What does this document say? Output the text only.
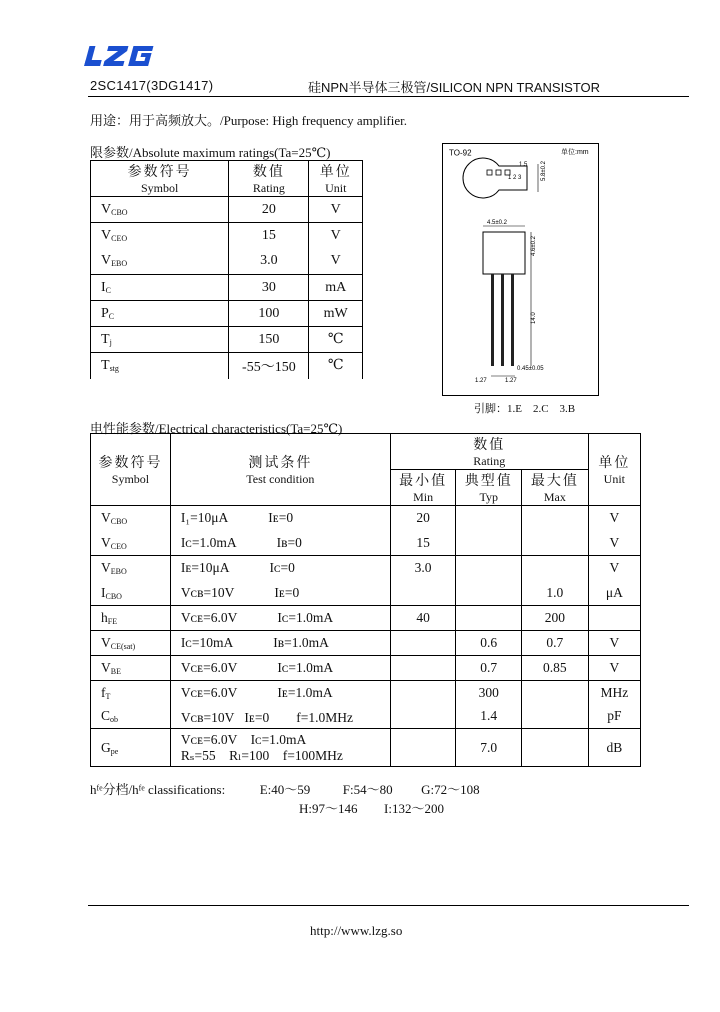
2SC1417(3DG1417)	硅NPN半导体三极管/SILICON NPN TRANSISTOR
用途：用于高频放大。/Purpose: High frequency amplifier.
限参数/Absolute maximum ratings(Ta=25℃)
参数符号
Symbol	数值
Rating	单位
Unit

$V_{CBO}$	20	V
$V_{CEO}$	15	V
$V_{EBO}$	3.0	V
$I_C$	30	mA
$P_C$	100	mW
$T_j$	150	℃
$T_{stg}$	-55～150	℃
TO-92	单位:mm
1 2 3	5.8±0.2
1.5
4.5±0.2
4.6±0.2
14.0
0.45±0.05
1.27	1.27
引脚：1.E　2.C　3.B
电性能参数/Electrical characteristics(Ta=25℃)
参数符号
Symbol	测试条件
Test condition	数值
Rating			单位
Unit

		最小值
Min	典型值
Typ	最大值
Max	

$V_{CBO}$	I₁=10μA Iᴇ=0	20			V
$V_{CEO}$	Iᴄ=1.0mA Iʙ=0	15			V
$V_{EBO}$	Iᴇ=10μA Iᴄ=0	3.0			V
$I_{CBO}$	Vᴄʙ=10V Iᴇ=0			1.0	μA
$h_{FE}$	Vᴄᴇ=6.0V Iᴄ=1.0mA	40		200	
$V_{CE(sat)}$	Iᴄ=10mA Iʙ=1.0mA		0.6	0.7	V
$V_{BE}$	Vᴄᴇ=6.0V Iᴄ=1.0mA		0.7	0.85	V
$f_T$	Vᴄᴇ=6.0V Iᴇ=1.0mA		300		MHz
$C_{ob}$	Vᴄʙ=10V Iᴇ=0　　f=1.0MHz		1.4		pF
$G_{pe}$	Vᴄᴇ=6.0V　Iᴄ=1.0mA
Rₛ=55　Rₗ=100　f=100MHz		7.0		dB
hᶠᵉ分档/hᶠᵉ classifications:	E:40～59	F:54～80 G:72～108
H:97～146 I:132～200
http://www.lzg.so
